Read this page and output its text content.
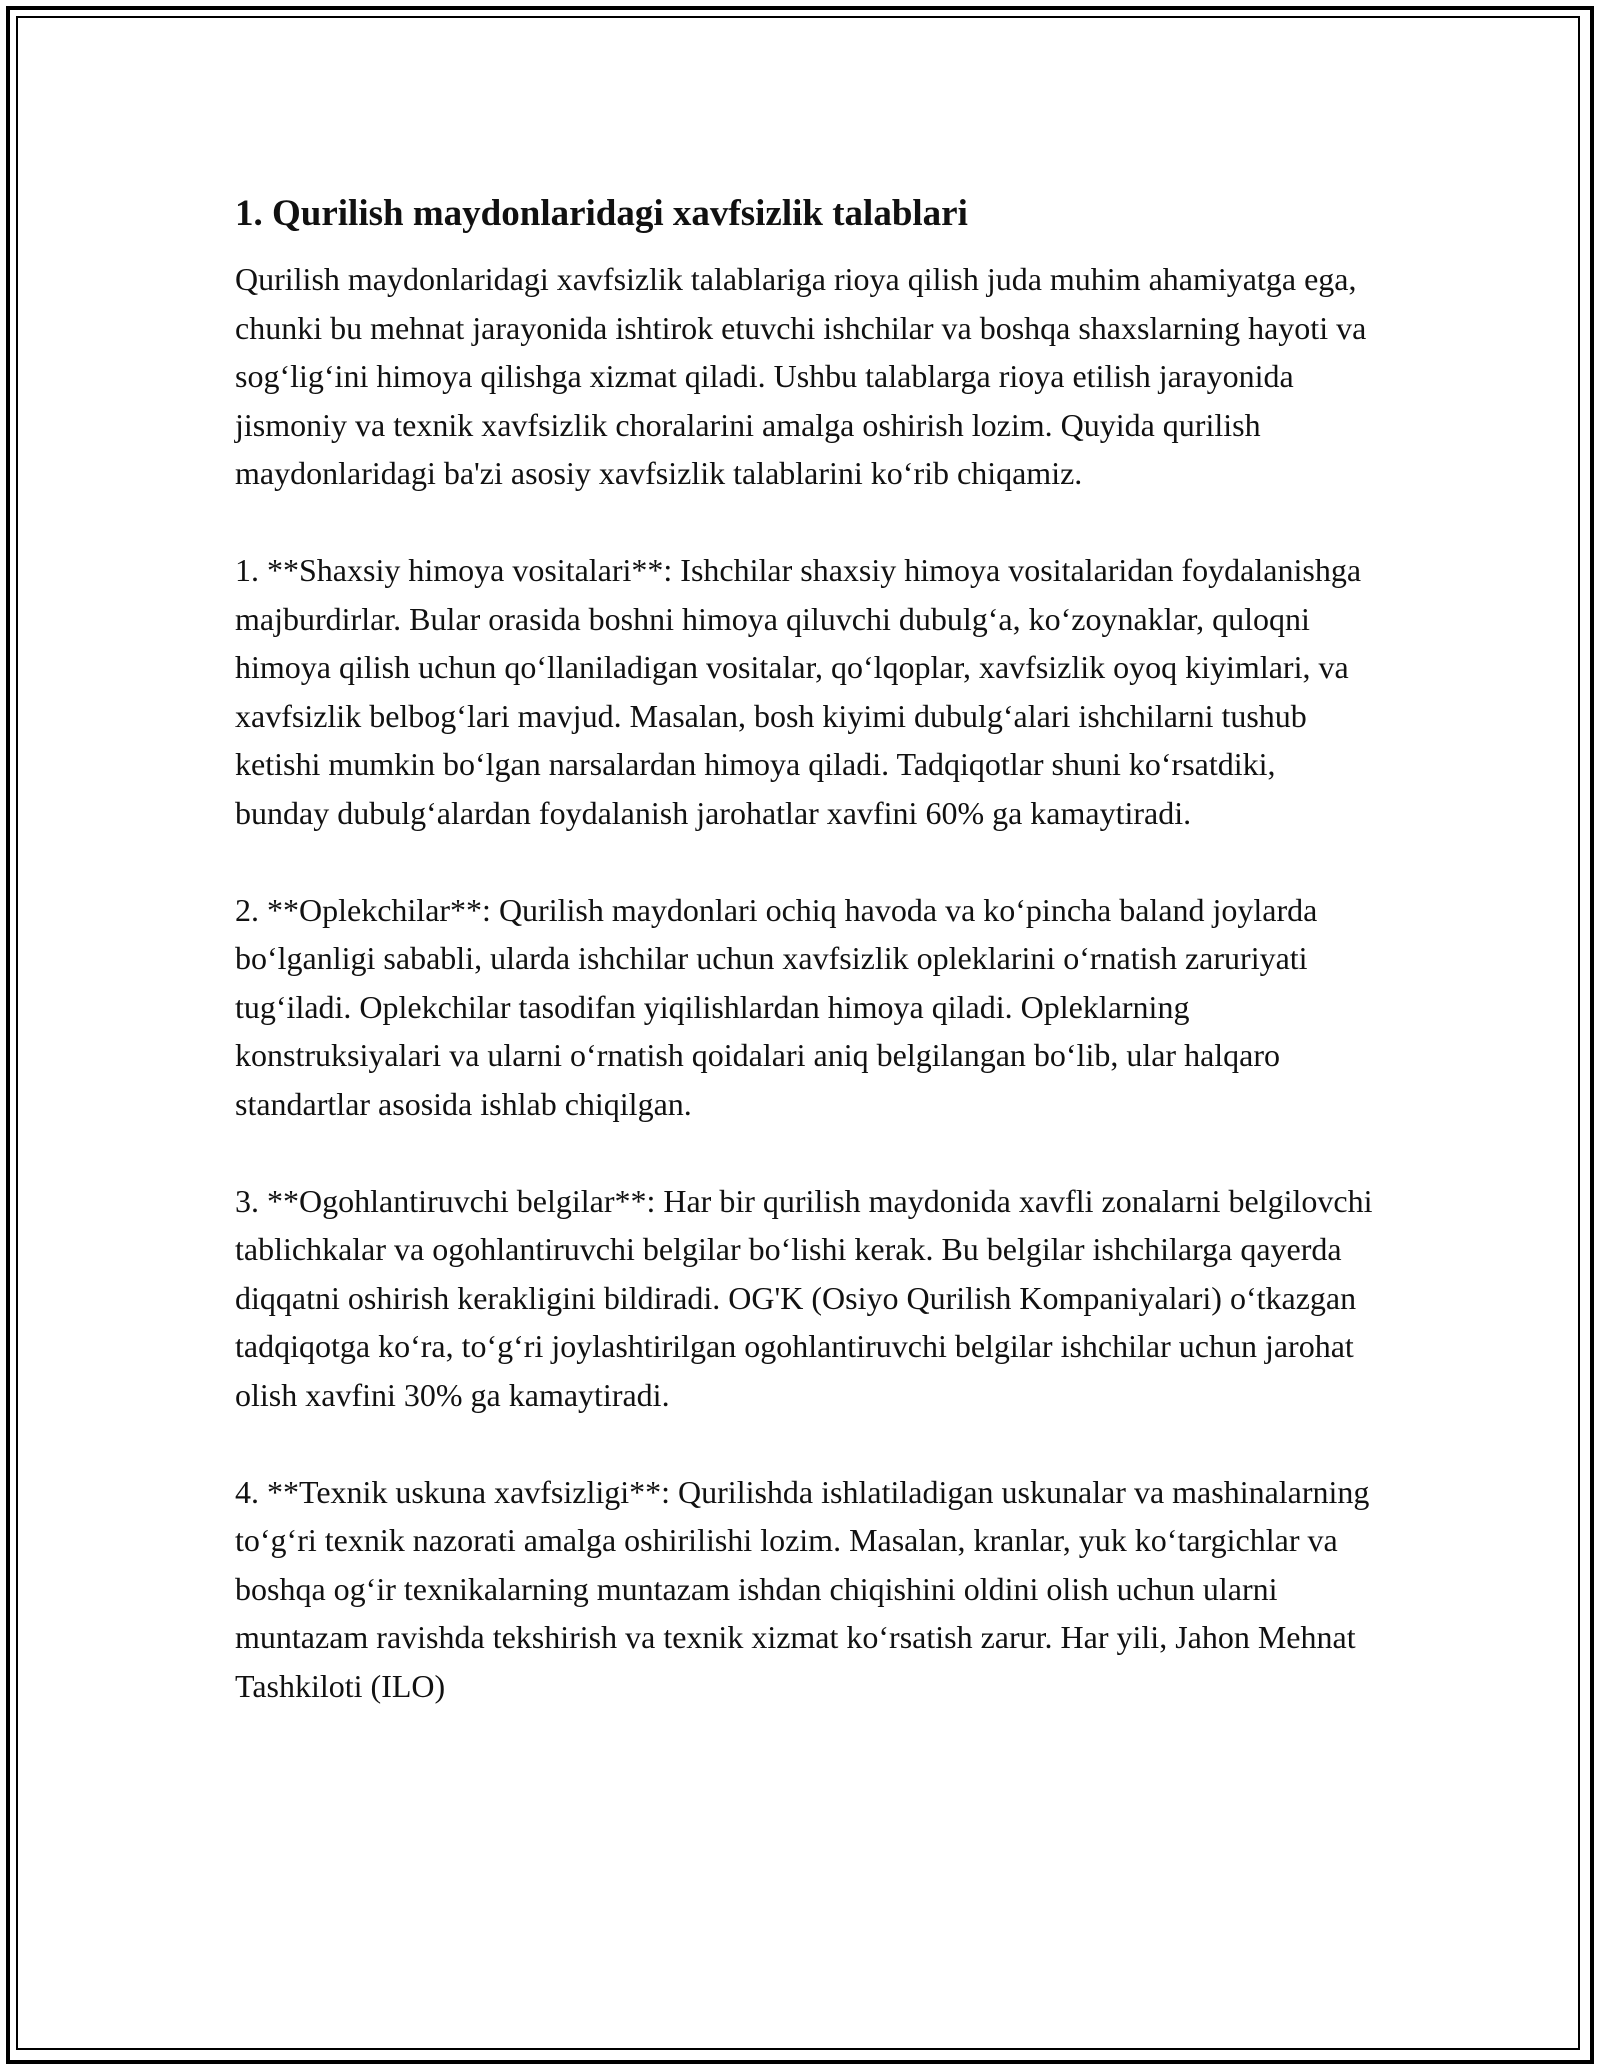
1. Qurilish maydonlaridagi xavfsizlik talablari

Qurilish maydonlaridagi xavfsizlik talablariga rioya qilish juda muhim ahamiyatga ega, chunki bu mehnat jarayonida ishtirok etuvchi ishchilar va boshqa shaxslarning hayoti va sog‘lig‘ini himoya qilishga xizmat qiladi. Ushbu talablarga rioya etilish jarayonida jismoniy va texnik xavfsizlik choralarini amalga oshirish lozim. Quyida qurilish maydonlaridagi ba'zi asosiy xavfsizlik talablarini ko‘rib chiqamiz.

1. **Shaxsiy himoya vositalari**: Ishchilar shaxsiy himoya vositalaridan foydalanishga majburdirlar. Bular orasida boshni himoya qiluvchi dubulg‘a, ko‘zoynaklar, quloqni himoya qilish uchun qo‘llaniladigan vositalar, qo‘lqoplar, xavfsizlik oyoq kiyimlari, va xavfsizlik belbog‘lari mavjud. Masalan, bosh kiyimi dubulg‘alari ishchilarni tushub ketishi mumkin bo‘lgan narsalardan himoya qiladi. Tadqiqotlar shuni ko‘rsatdiki, bunday dubulg‘alardan foydalanish jarohatlar xavfini 60% ga kamaytiradi.

2. **Oplekchilar**: Qurilish maydonlari ochiq havoda va ko‘pincha baland joylarda bo‘lganligi sababli, ularda ishchilar uchun xavfsizlik opleklarini o‘rnatish zaruriyati tug‘iladi. Oplekchilar tasodifan yiqilishlardan himoya qiladi. Opleklarning konstruksiyalari va ularni o‘rnatish qoidalari aniq belgilangan bo‘lib, ular halqaro standartlar asosida ishlab chiqilgan.

3. **Ogohlantiruvchi belgilar**: Har bir qurilish maydonida xavfli zonalarni belgilovchi tablichkalar va ogohlantiruvchi belgilar bo‘lishi kerak. Bu belgilar ishchilarga qayerda diqqatni oshirish kerakligini bildiradi. OG'K (Osiyo Qurilish Kompaniyalari) o‘tkazgan tadqiqotga ko‘ra, to‘g‘ri joylashtirilgan ogohlantiruvchi belgilar ishchilar uchun jarohat olish xavfini 30% ga kamaytiradi.

4. **Texnik uskuna xavfsizligi**: Qurilishda ishlatiladigan uskunalar va mashinalarning to‘g‘ri texnik nazorati amalga oshirilishi lozim. Masalan, kranlar, yuk ko‘targichlar va boshqa og‘ir texnikalarning muntazam ishdan chiqishini oldini olish uchun ularni muntazam ravishda tekshirish va texnik xizmat ko‘rsatish zarur. Har yili, Jahon Mehnat Tashkiloti (ILO)
